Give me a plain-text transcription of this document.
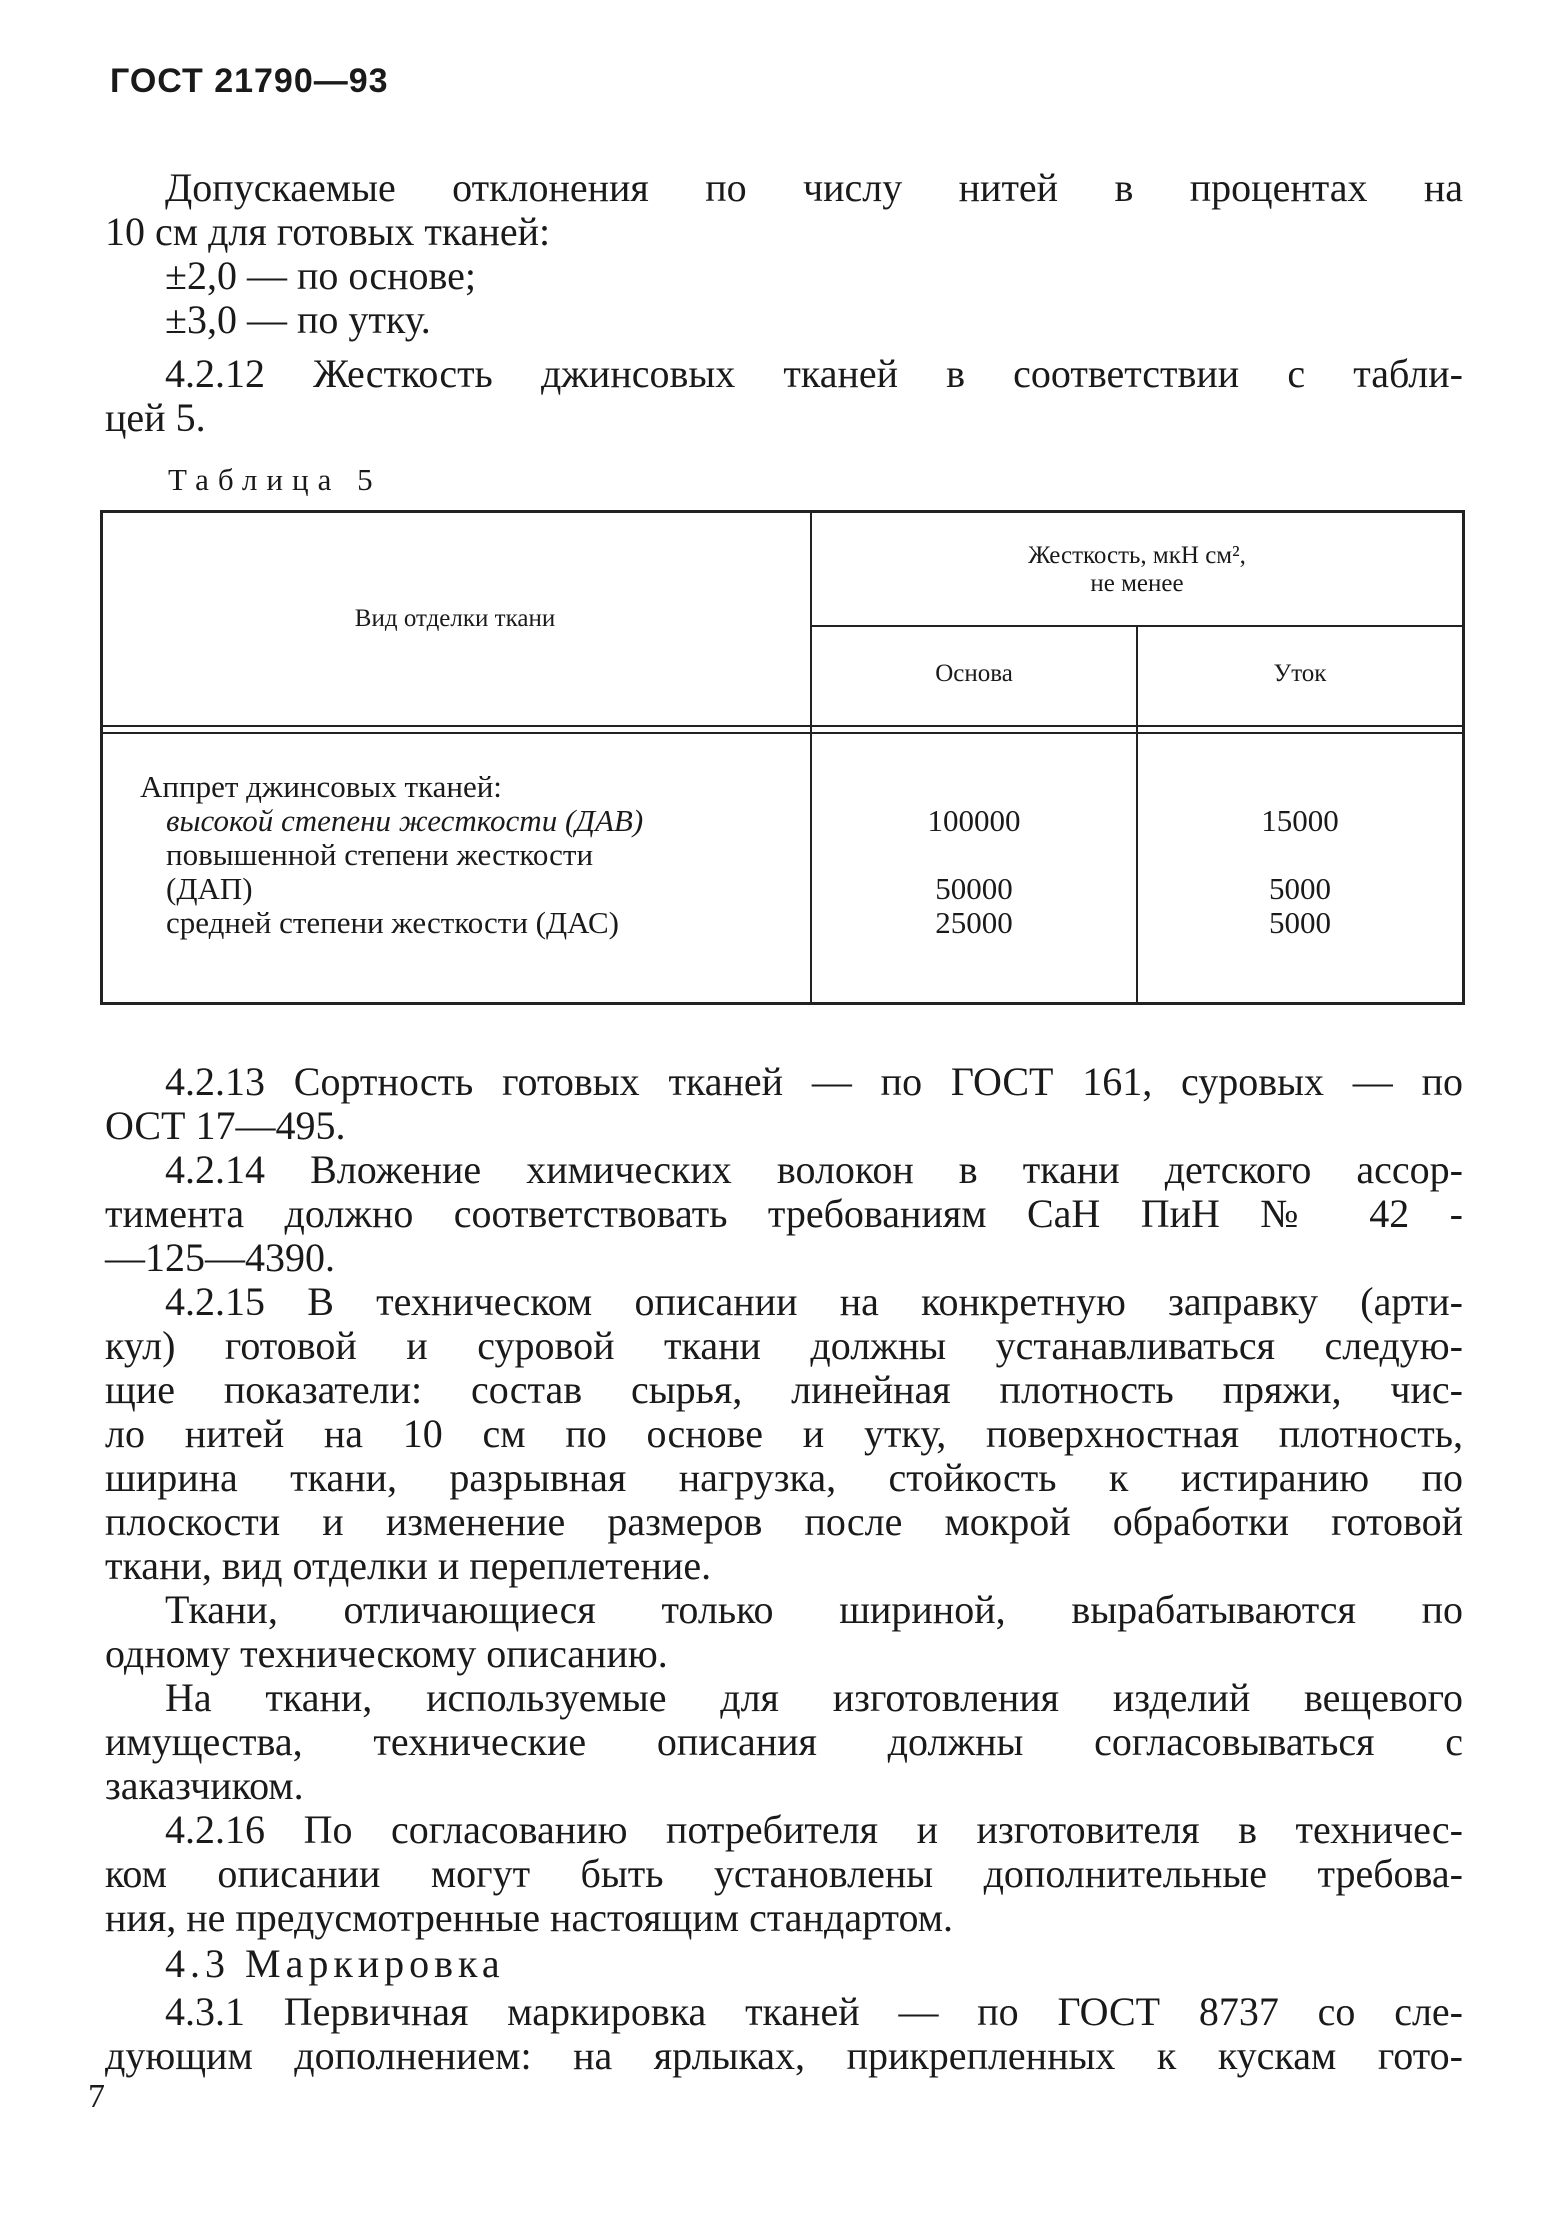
ГОСТ 21790—93

Допускаемые отклонения по числу нитей в процентах на

10 см для готовых тканей:

±2,0 — по основе;

±3,0 — по утку.

4.2.12 Жесткость джинсовых тканей в соответствии с табли-

цей 5.

Таблица 5
Вид отделки ткани
Жесткость, мкН см²,
не менее
Основа	Уток
Аппрет джинсовых тканей:
высокой степени жесткости (ДАВ)
повышенной степени жесткости
(ДАП)
средней степени жесткости (ДАС)
100000
50000
25000
15000
5000
5000

4.2.13 Сортность готовых тканей — по ГОСТ 161, суровых — по

ОСТ 17—495.

4.2.14 Вложение химических волокон в ткани детского ассор-

тимента должно соответствовать требованиям СаН ПиН № 42 -

—125—4390.

4.2.15 В техническом описании на конкретную заправку (арти-

кул) готовой и суровой ткани должны устанавливаться следую-

щие показатели: состав сырья, линейная плотность пряжи, чис-

ло нитей на 10 см по основе и утку, поверхностная плотность,

ширина ткани, разрывная нагрузка, стойкость к истиранию по

плоскости и изменение размеров после мокрой обработки готовой

ткани, вид отделки и переплетение.

Ткани, отличающиеся только шириной, вырабатываются по

одному техническому описанию.

На ткани, используемые для изготовления изделий вещевого

имущества, технические описания должны согласовываться с

заказчиком.

4.2.16 По согласованию потребителя и изготовителя в техничес-

ком описании могут быть установлены дополнительные требова-

ния, не предусмотренные настоящим стандартом.

4.3 Маркировка

4.3.1 Первичная маркировка тканей — по ГОСТ 8737 со сле-

дующим дополнением: на ярлыках, прикрепленных к кускам гото-

7
